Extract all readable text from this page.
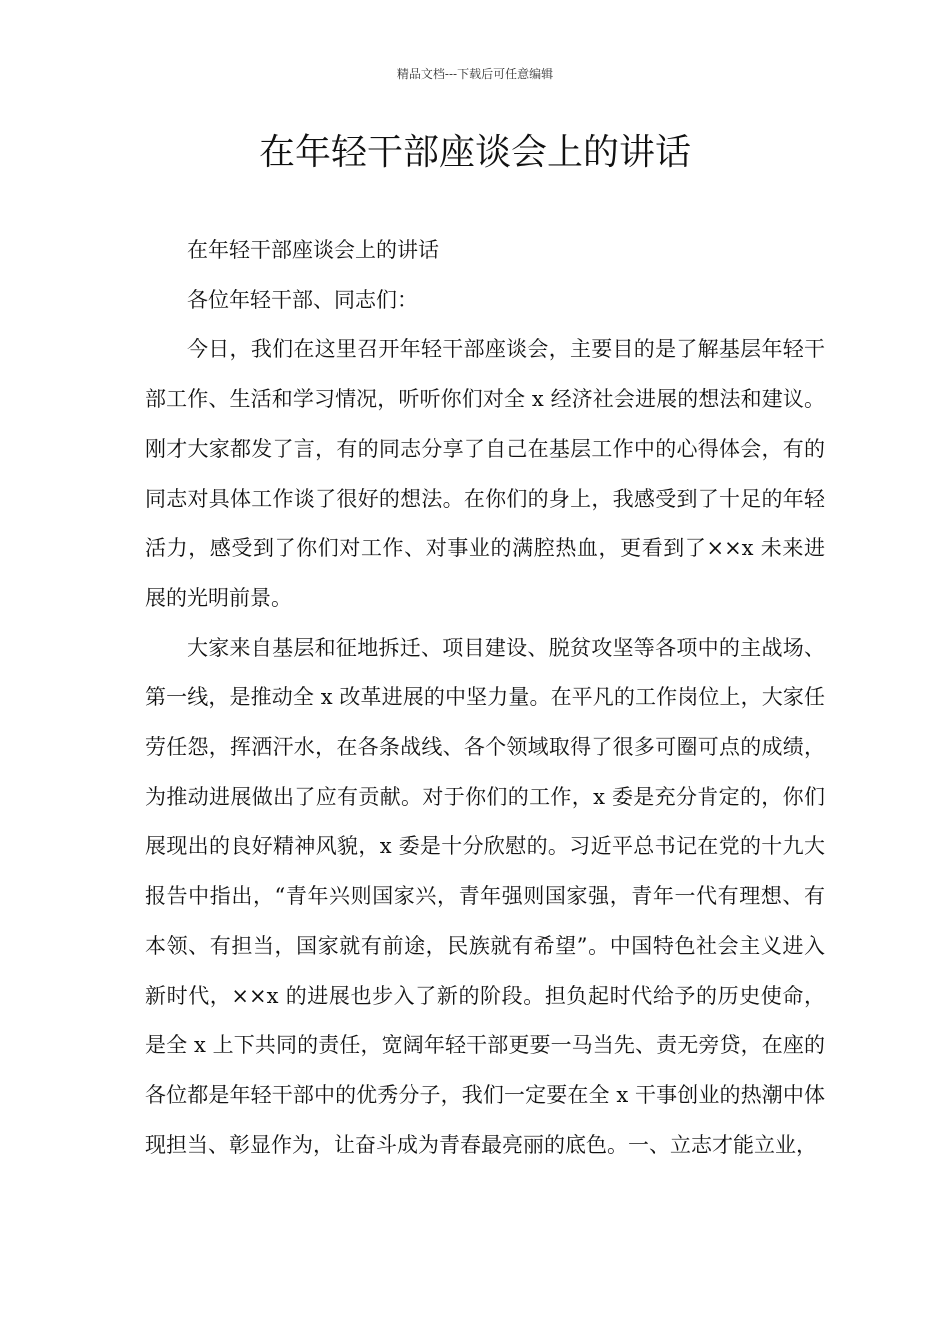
精品文档---下载后可任意编辑
在年轻干部座谈会上的讲话

在年轻干部座谈会上的讲话

各位年轻干部、同志们：

今日，我们在这里召开年轻干部座谈会，主要目的是了解基层年轻干部工作、生活和学习情况，听听你们对全 x 经济社会进展的想法和建议。刚才大家都发了言，有的同志分享了自己在基层工作中的心得体会，有的同志对具体工作谈了很好的想法。在你们的身上，我感受到了十足的年轻活力，感受到了你们对工作、对事业的满腔热血，更看到了××x 未来进展的光明前景。

大家来自基层和征地拆迁、项目建设、脱贫攻坚等各项中的主战场、第一线，是推动全 x 改革进展的中坚力量。在平凡的工作岗位上，大家任劳任怨，挥洒汗水，在各条战线、各个领域取得了很多可圈可点的成绩，为推动进展做出了应有贡献。对于你们的工作，x 委是充分肯定的，你们展现出的良好精神风貌，x 委是十分欣慰的。习近平总书记在党的十九大报告中指出，“青年兴则国家兴，青年强则国家强，青年一代有理想、有本领、有担当，国家就有前途，民族就有希望”。中国特色社会主义进入新时代，××x 的进展也步入了新的阶段。担负起时代给予的历史使命，是全 x 上下共同的责任，宽阔年轻干部更要一马当先、责无旁贷，在座的各位都是年轻干部中的优秀分子，我们一定要在全 x 干事创业的热潮中体现担当、彰显作为，让奋斗成为青春最亮丽的底色。一、立志才能立业，
